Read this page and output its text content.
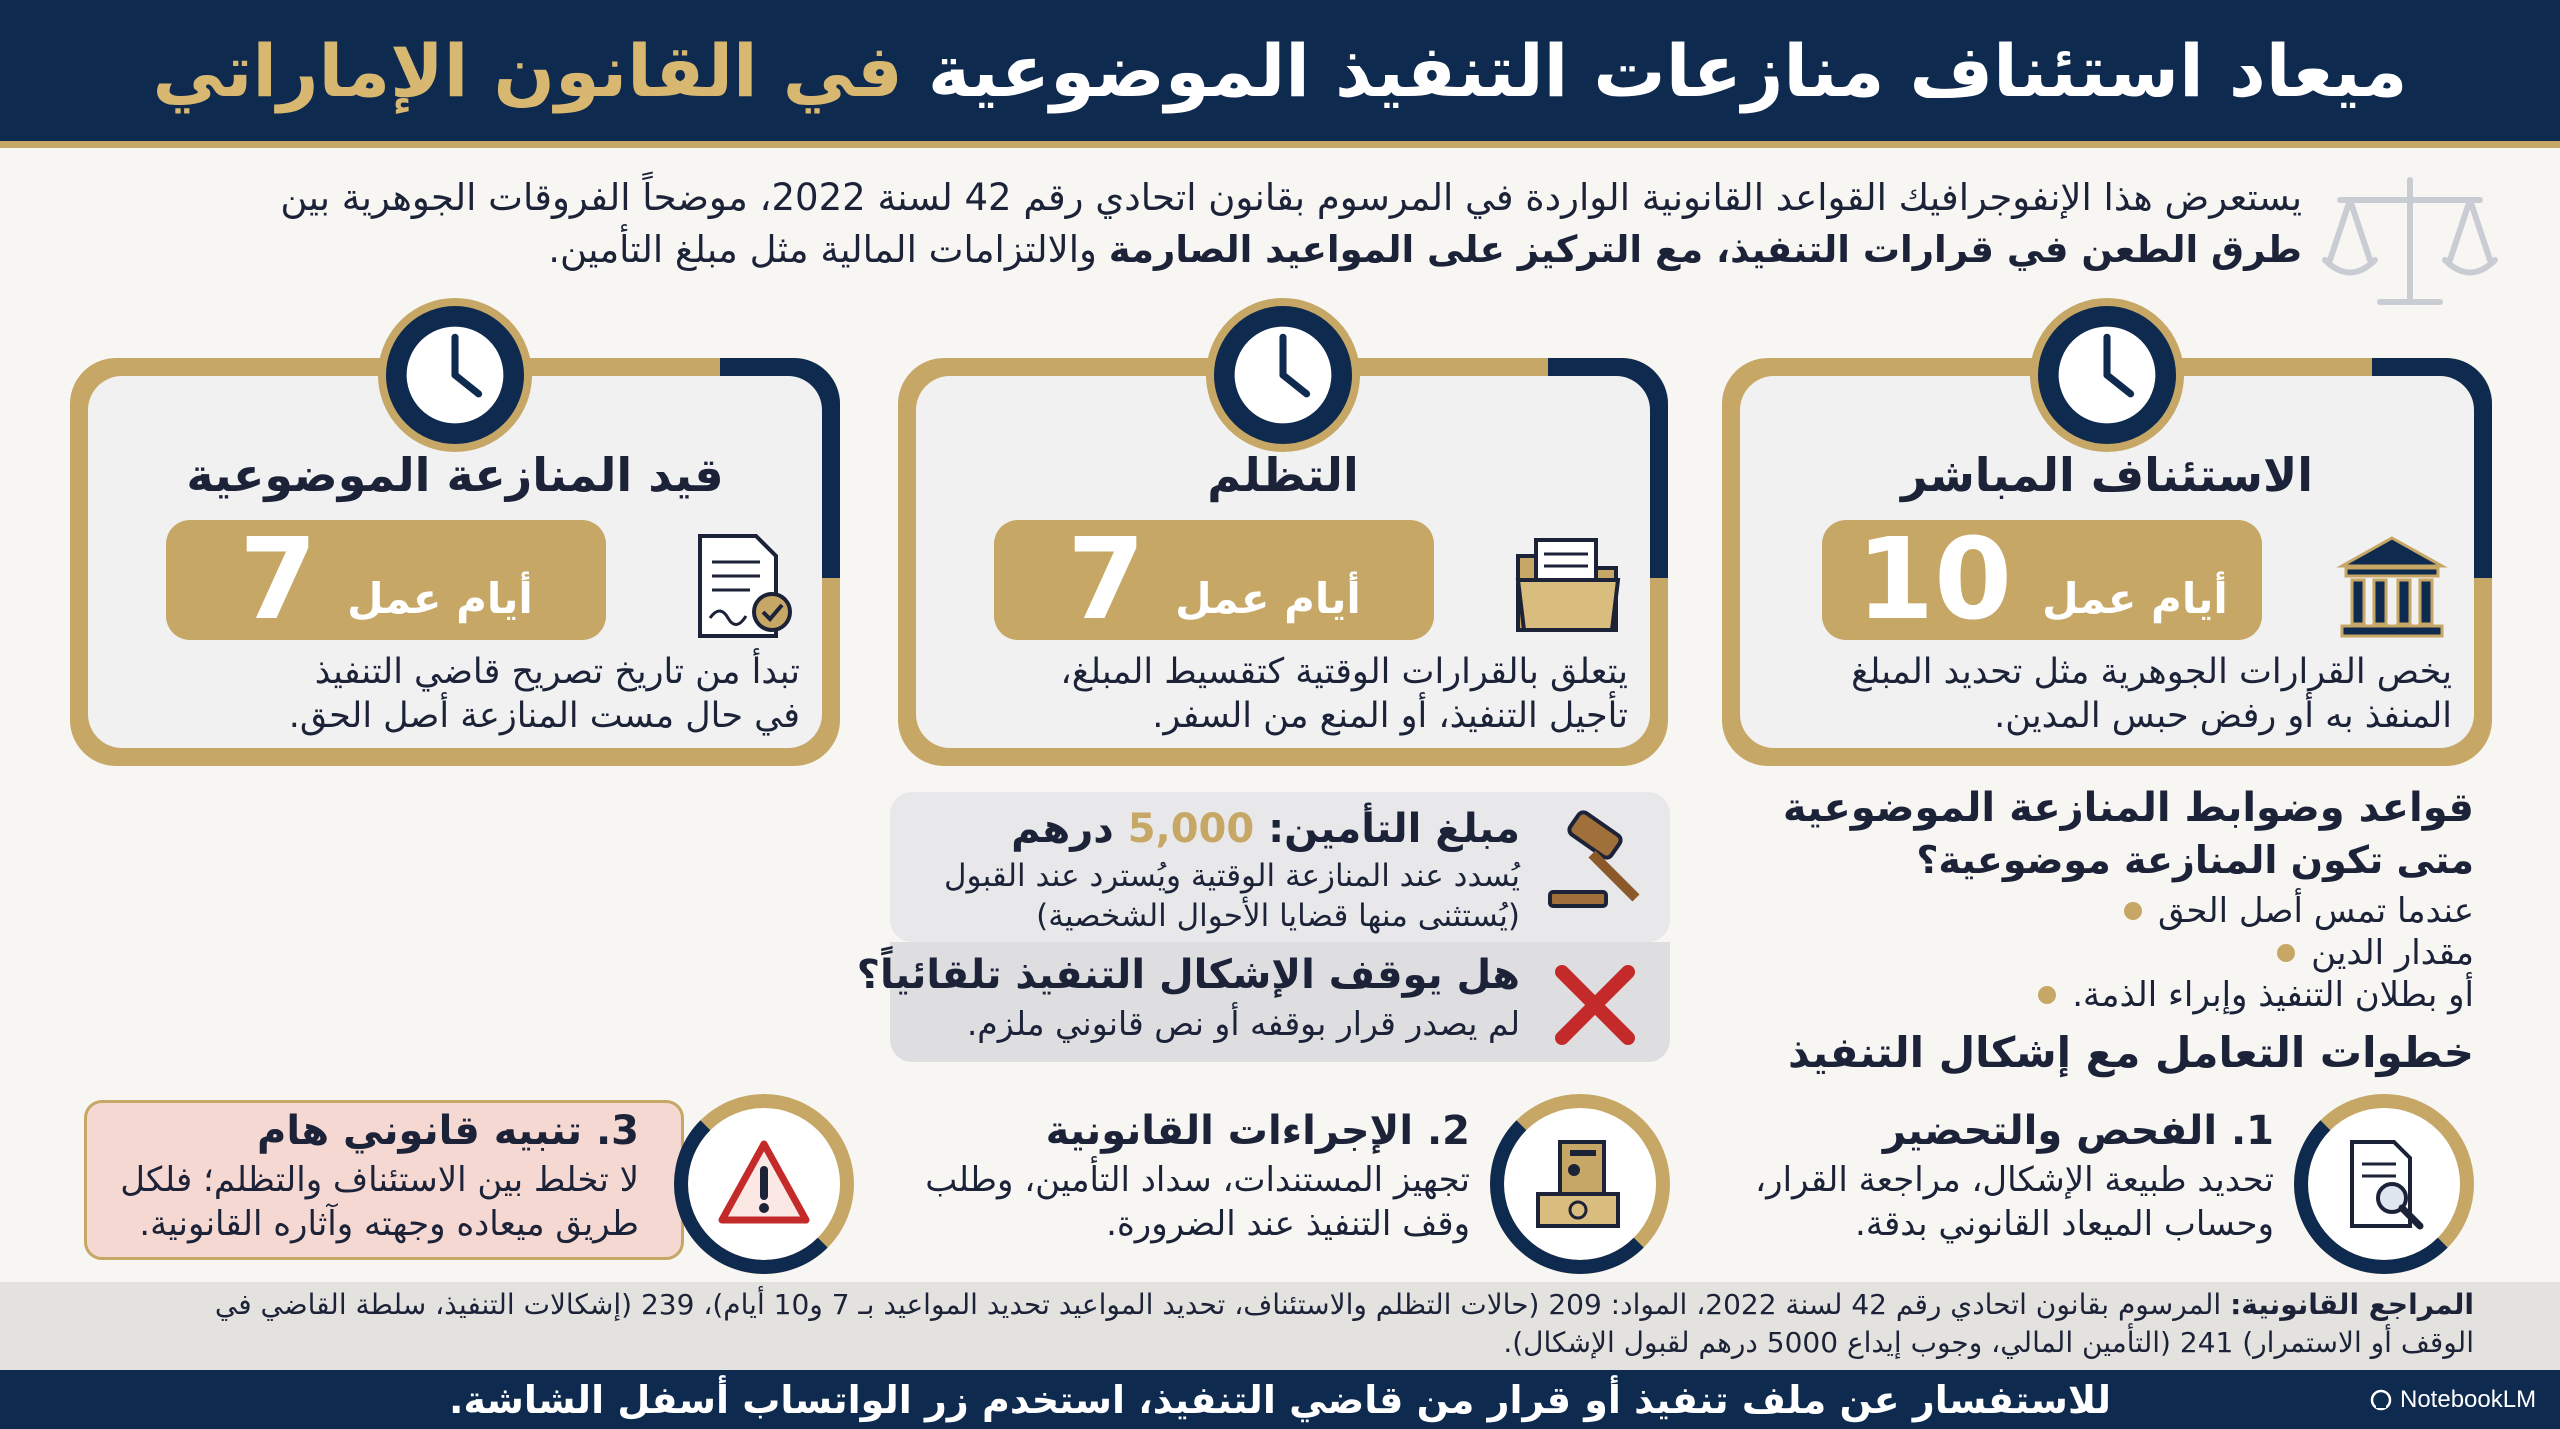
ميعاد استئناف منازعات التنفيذ الموضوعية في القانون الإماراتي
يستعرض هذا الإنفوجرافيك القواعد القانونية الواردة في المرسوم بقانون اتحادي رقم 42 لسنة 2022، موضحاً الفروقات الجوهرية بين
طرق الطعن في قرارات التنفيذ، مع التركيز على المواعيد الصارمة والالتزامات المالية مثل مبلغ التأمين.
الاستئناف المباشر
أيام عمل
10
يخص القرارات الجوهرية مثل تحديد المبلغ
المنفذ به أو رفض حبس المدين.
التظلم
أيام عمل
7
يتعلق بالقرارات الوقتية كتقسيط المبلغ،
تأجيل التنفيذ، أو المنع من السفر.
قيد المنازعة الموضوعية
أيام عمل
7
تبدأ من تاريخ تصريح قاضي التنفيذ
في حال مست المنازعة أصل الحق.
قواعد وضوابط المنازعة الموضوعية
متى تكون المنازعة موضوعية؟
عندما تمس أصل الحق
مقدار الدين
أو بطلان التنفيذ وإبراء الذمة.
مبلغ التأمين: 5,000 درهم
يُسدد عند المنازعة الوقتية ويُسترد عند القبول
(يُستثنى منها قضايا الأحوال الشخصية)
هل يوقف الإشكال التنفيذ تلقائياً؟
لم يصدر قرار بوقفه أو نص قانوني ملزم.
خطوات التعامل مع إشكال التنفيذ
1. الفحص والتحضير
تحديد طبيعة الإشكال، مراجعة القرار،
وحساب الميعاد القانوني بدقة.
2. الإجراءات القانونية
تجهيز المستندات، سداد التأمين، وطلب
وقف التنفيذ عند الضرورة.
3. تنبيه قانوني هام
لا تخلط بين الاستئناف والتظلم؛ فلكل
طريق ميعاده وجهته وآثاره القانونية.
المراجع القانونية: المرسوم بقانون اتحادي رقم 42 لسنة 2022، المواد: 209 (حالات التظلم والاستئناف، تحديد المواعيد تحديد المواعيد بـ 7 و10 أيام)، 239 (إشكالات التنفيذ، سلطة القاضي في
الوقف أو الاستمرار) 241 (التأمين المالي، وجوب إيداع 5000 درهم لقبول الإشكال).
للاستفسار عن ملف تنفيذ أو قرار من قاضي التنفيذ، استخدم زر الواتساب أسفل الشاشة.	NotebookLM
